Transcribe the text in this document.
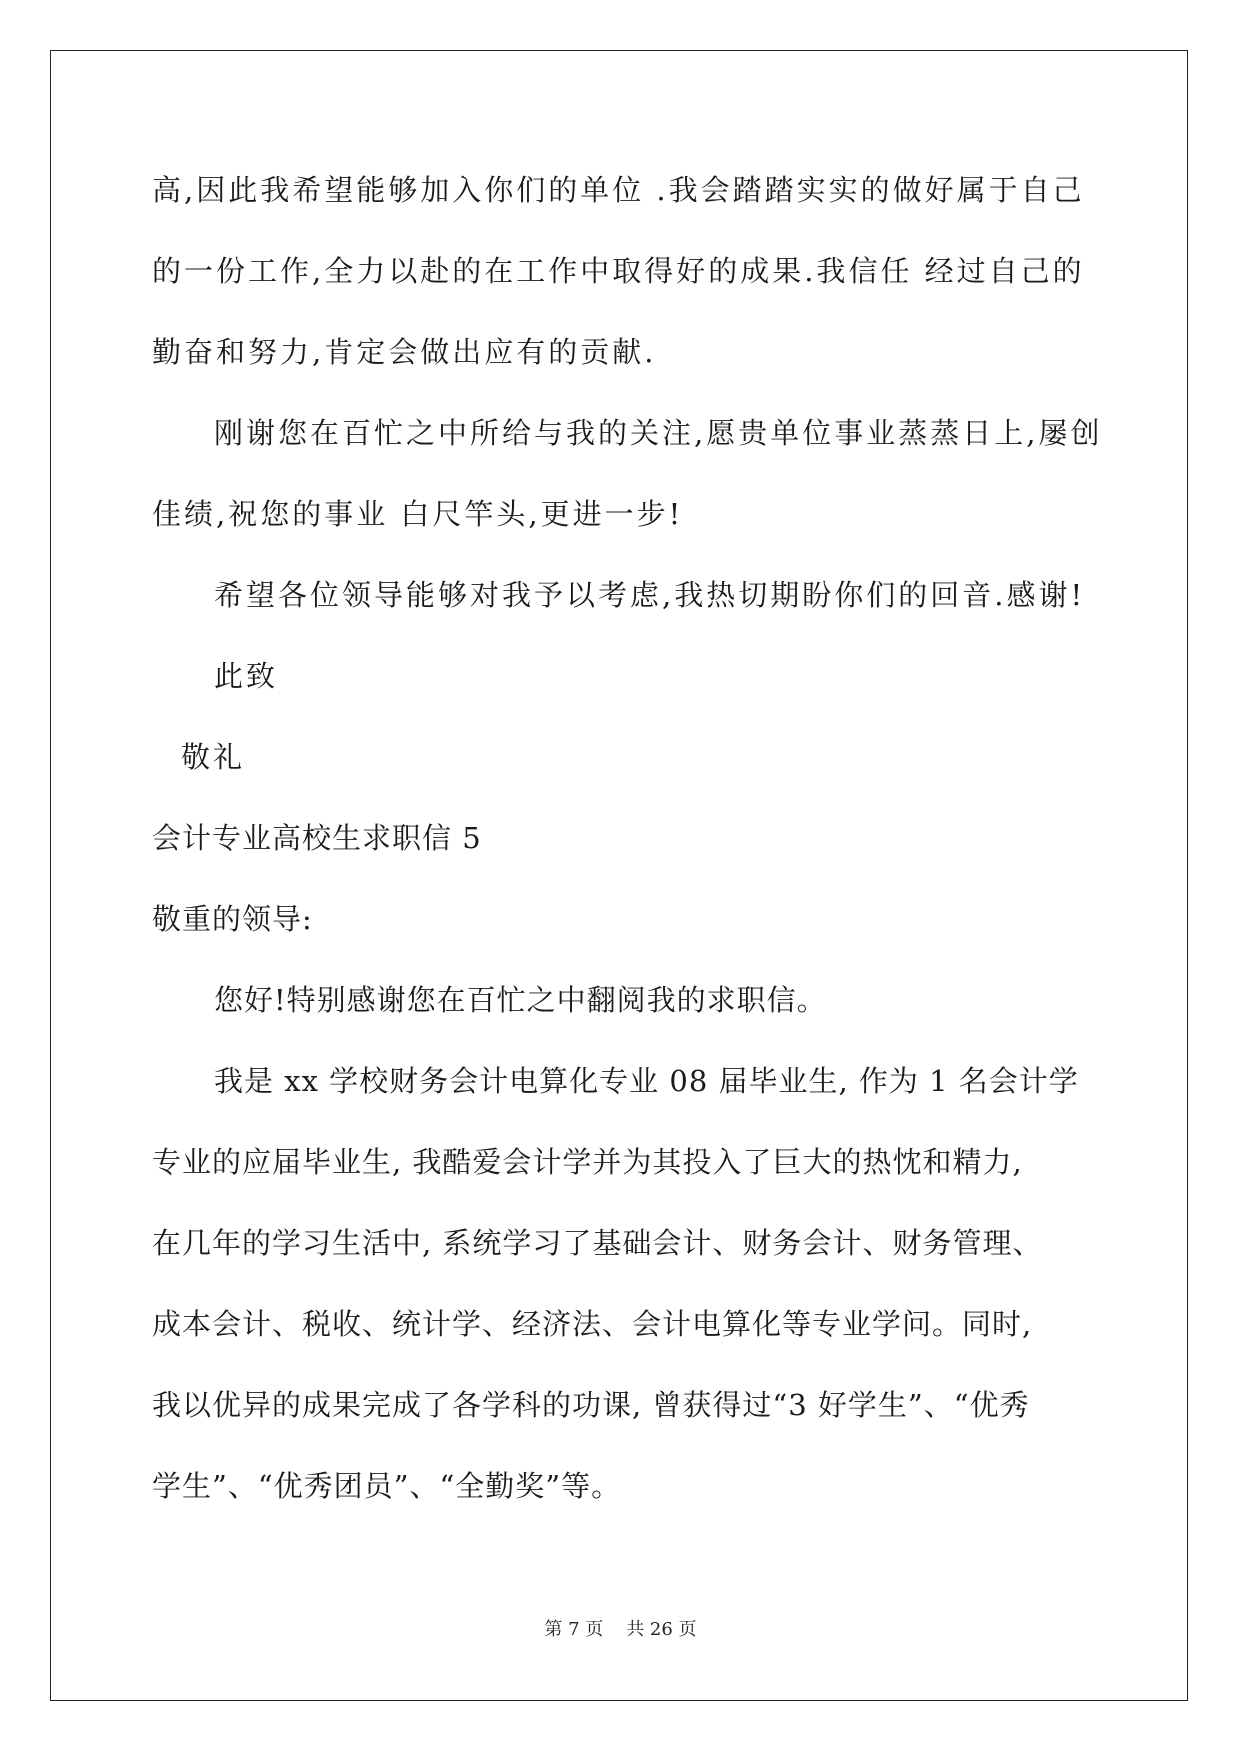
高,因此我希望能够加入你们的单位 .我会踏踏实实的做好属于自己
的一份工作,全力以赴的在工作中取得好的成果.我信任 经过自己的
勤奋和努力,肯定会做出应有的贡献.
刚谢您在百忙之中所给与我的关注,愿贵单位事业蒸蒸日上,屡创
佳绩,祝您的事业 白尺竿头,更进一步!
希望各位领导能够对我予以考虑,我热切期盼你们的回音.感谢!
此致
敬礼
会计专业高校生求职信 5
敬重的领导:
您好!特别感谢您在百忙之中翻阅我的求职信。
我是 xx 学校财务会计电算化专业 08 届毕业生, 作为 1 名会计学
专业的应届毕业生, 我酷爱会计学并为其投入了巨大的热忱和精力,
在几年的学习生活中, 系统学习了基础会计、财务会计、财务管理、
成本会计、税收、统计学、经济法、会计电算化等专业学问。同时,
我以优异的成果完成了各学科的功课, 曾获得过“3 好学生”、“优秀
学生”、“优秀团员”、“全勤奖”等。
第 7 页    共 26 页
